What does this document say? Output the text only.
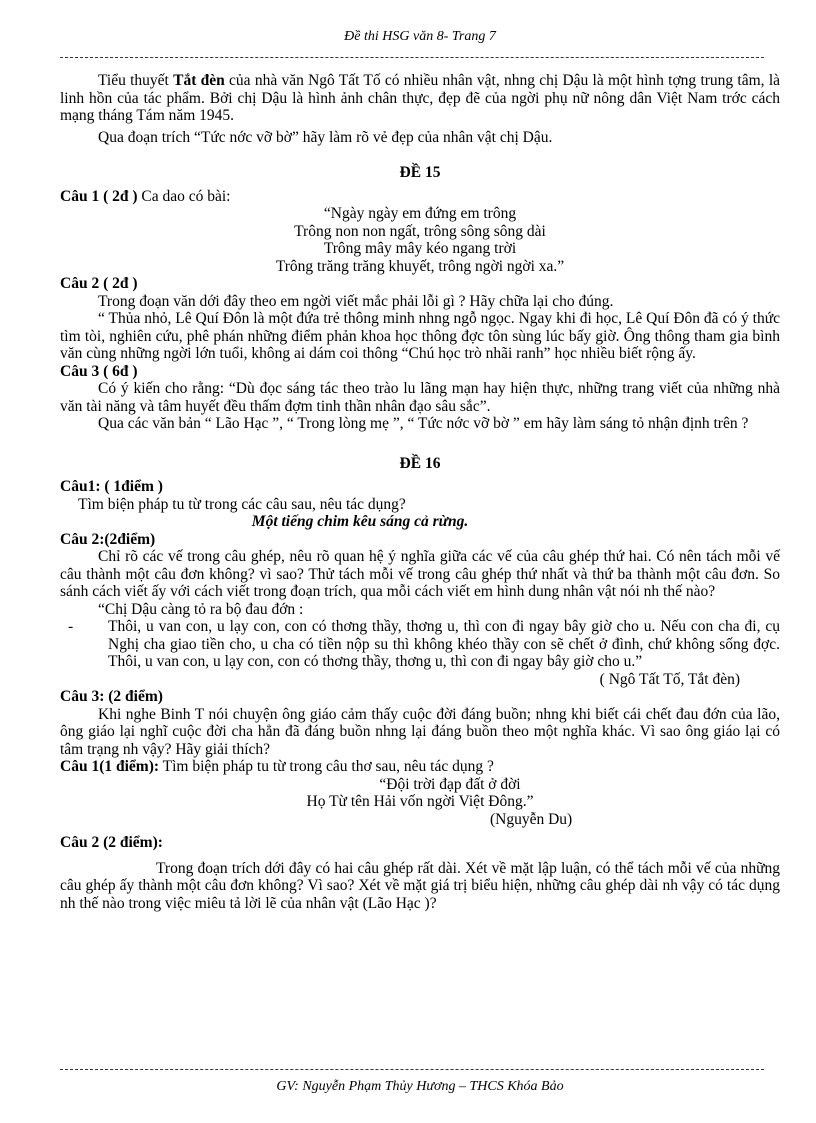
Đề thi HSG văn 8- Trang 7

Tiểu thuyết Tắt đèn của nhà văn Ngô Tất Tố có nhiều nhân vật, nhng chị Dậu là một hình tợng trung tâm, là linh hồn của tác phẩm. Bởi chị Dậu là hình ảnh chân thực, đẹp đẽ của ngời phụ nữ nông dân Việt Nam trớc cách mạng tháng Tám năm 1945.

Qua đoạn trích “Tức nớc vỡ bờ” hãy làm rõ vẻ đẹp của nhân vật chị Dậu.

ĐỀ 15

Câu 1 ( 2đ ) Ca dao có bài:

“Ngày ngày em đứng em trông

Trông non non ngất, trông sông sông dài

Trông mây mây kéo ngang trời

Trông trăng trăng khuyết, trông ngời ngời xa.”

Câu 2 ( 2đ )

Trong đoạn văn dới đây theo em ngời viết mắc phải lỗi gì ? Hãy chữa lại cho đúng.

“ Thủa nhỏ, Lê Quí Đôn là một đứa trẻ thông minh nhng ngỗ ngọc. Ngay khi đi học, Lê Quí Đôn đã có ý thức tìm tòi, nghiên cứu, phê phán những điểm phản khoa học thông đợc tôn sùng lúc bấy giờ. Ông thông tham gia bình văn cùng những ngời lớn tuổi, không ai dám coi thông “Chú học trò nhãi ranh” học nhiều biết rộng ấy.

Câu 3 ( 6đ )

Có ý kiến cho rằng: “Dù đọc sáng tác theo trào lu lãng mạn hay hiện thực, những trang viết của những nhà văn tài năng và tâm huyết đều thấm đợm tinh thần nhân đạo sâu sắc”.

Qua các văn bản “ Lão Hạc ”, “ Trong lòng mẹ ”, “ Tức nớc vỡ bờ ” em hãy làm sáng tỏ nhận định trên ?

ĐỀ 16

Câu1: ( 1điểm )

Tìm biện pháp tu từ trong các câu sau, nêu tác dụng?

Một tiếng chim kêu sáng cả rừng.

Câu 2:(2điểm)

Chỉ rõ các vế trong câu ghép, nêu rõ quan hệ ý nghĩa giữa các vế của câu ghép thứ hai. Có nên tách mỗi vế câu thành một câu đơn không? vì sao? Thử tách mỗi vế trong câu ghép thứ nhất và thứ ba thành một câu đơn. So sánh cách viết ấy với cách viết trong đoạn trích, qua mỗi cách viết em hình dung nhân vật nói nh thế nào?

“Chị Dậu càng tỏ ra bộ đau đớn :

-	Thôi, u van con, u lạy con, con có thơng thầy, thơng u, thì con đi ngay bây giờ cho u. Nếu con cha đi, cụ Nghị cha giao tiền cho, u cha có tiền nộp su thì không khéo thầy con sẽ chết ở đình, chứ không sống đợc. Thôi, u van con, u lạy con, con có thơng thầy, thơng u, thì con đi ngay bây giờ cho u.”

( Ngô Tất Tố, Tắt đèn)

Câu 3: (2 điểm)

Khi nghe Binh T nói chuyện ông giáo cảm thấy cuộc đời đáng buồn; nhng khi biết cái chết đau đớn của lão, ông giáo lại nghĩ cuộc đời cha hẳn đã đáng buồn nhng lại đáng buồn theo một nghĩa khác. Vì sao ông giáo lại có tâm trạng nh vậy? Hãy giải thích?

Câu 1(1 điểm): Tìm biện pháp tu từ trong câu thơ sau, nêu tác dụng ?

“Đội trời đạp đất ở đời

Họ Từ tên Hải vốn ngời Việt Đông.”

(Nguyễn Du)

Câu 2 (2 điểm):

Trong đoạn trích dới đây có hai câu ghép rất dài. Xét về mặt lập luận, có thể tách mỗi vế của những câu ghép ấy thành một câu đơn không? Vì sao? Xét về mặt giá trị biểu hiện, những câu ghép dài nh vậy có tác dụng nh thế nào trong việc miêu tả lời lẽ của nhân vật (Lão Hạc )?

GV: Nguyễn Phạm Thủy Hương – THCS Khóa Bảo
